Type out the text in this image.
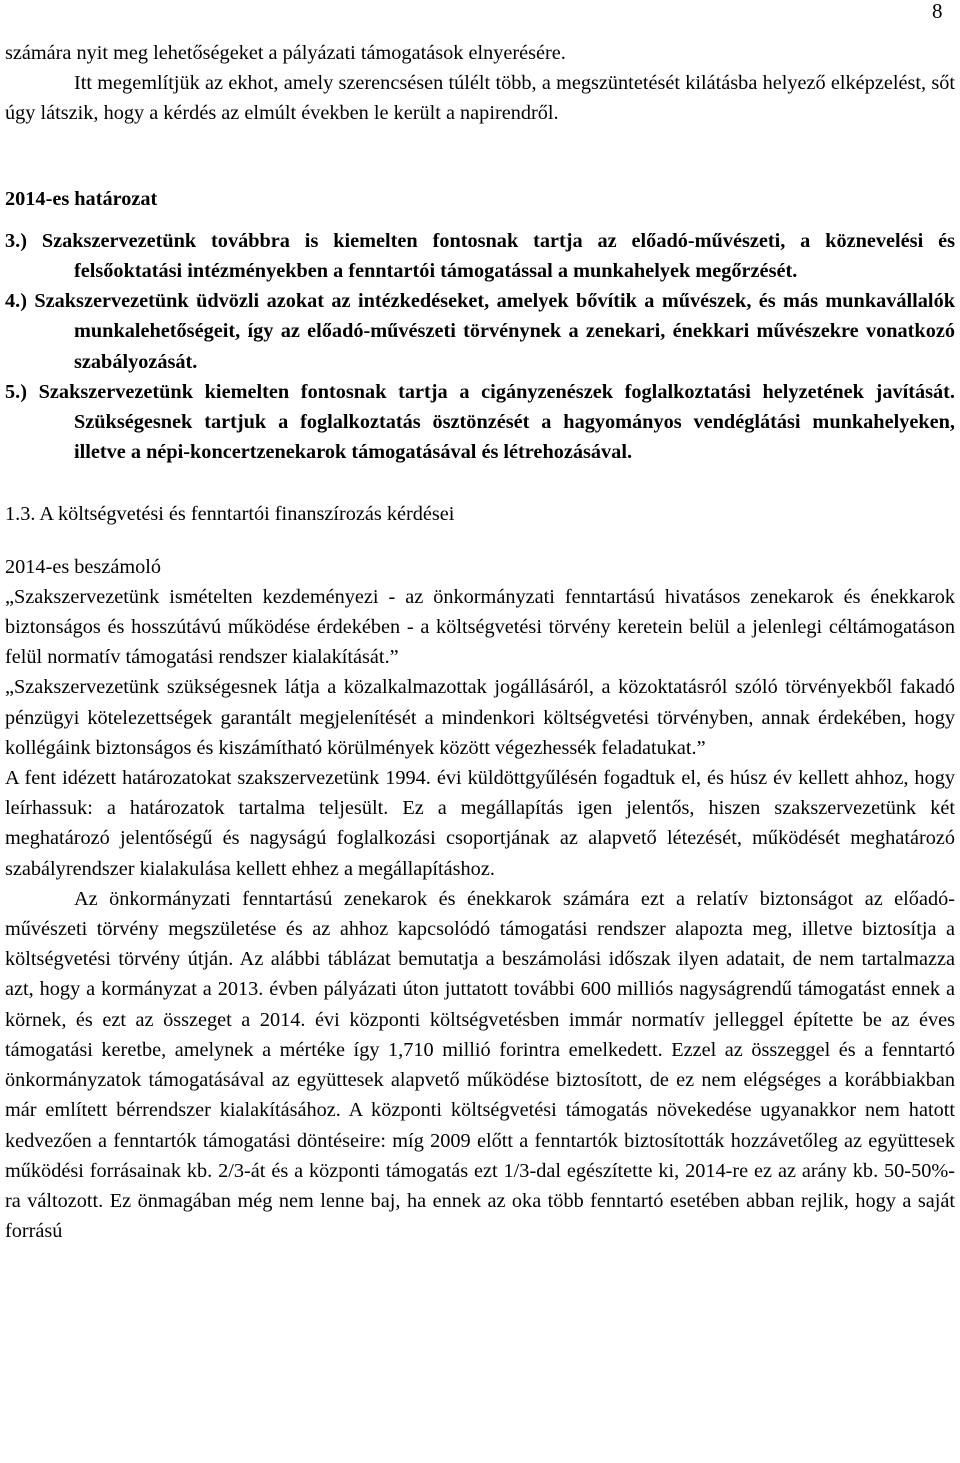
8

számára nyit meg lehetőségeket a pályázati támogatások elnyerésére.

Itt megemlítjük az ekhot, amely szerencsésen túlélt több, a megszüntetését kilátásba helyező elképzelést, sőt úgy látszik, hogy a kérdés az elmúlt években le került a napirendről.

2014-es határozat

3.) Szakszervezetünk továbbra is kiemelten fontosnak tartja az előadó-művészeti, a köznevelési és felsőoktatási intézményekben a fenntartói támogatással a munkahelyek megőrzését.

4.) Szakszervezetünk üdvözli azokat az intézkedéseket, amelyek bővítik a művészek, és más munkavállalók munkalehetőségeit, így az előadó-művészeti törvénynek a zenekari, énekkari művészekre vonatkozó szabályozását.

5.) Szakszervezetünk kiemelten fontosnak tartja a cigányzenészek foglalkoztatási helyzetének javítását. Szükségesnek tartjuk a foglalkoztatás ösztönzését a hagyományos vendéglátási munkahelyeken, illetve a népi-koncertzenekarok támogatásával és létrehozásával.

1.3. A költségvetési és fenntartói finanszírozás kérdései

2014-es beszámoló

„Szakszervezetünk ismételten kezdeményezi - az önkormányzati fenntartású hivatásos zenekarok és énekkarok biztonságos és hosszútávú működése érdekében - a költségvetési törvény keretein belül a jelenlegi céltámogatáson felül normatív támogatási rendszer kialakítását.”

„Szakszervezetünk szükségesnek látja a közalkalmazottak jogállásáról, a közoktatásról szóló törvényekből fakadó pénzügyi kötelezettségek garantált megjelenítését a mindenkori költségvetési törvényben, annak érdekében, hogy kollégáink biztonságos és kiszámítható körülmények között végezhessék feladatukat.”

A fent idézett határozatokat szakszervezetünk 1994. évi küldöttgyűlésén fogadtuk el, és húsz év kellett ahhoz, hogy leírhassuk: a határozatok tartalma teljesült. Ez a megállapítás igen jelentős, hiszen szakszervezetünk két meghatározó jelentőségű és nagyságú foglalkozási csoportjának az alapvető létezését, működését meghatározó szabályrendszer kialakulása kellett ehhez a megállapításhoz.

Az önkormányzati fenntartású zenekarok és énekkarok számára ezt a relatív biztonságot az előadó-művészeti törvény megszületése és az ahhoz kapcsolódó támogatási rendszer alapozta meg, illetve biztosítja a költségvetési törvény útján. Az alábbi táblázat bemutatja a beszámolási időszak ilyen adatait, de nem tartalmazza azt, hogy a kormányzat a 2013. évben pályázati úton juttatott további 600 milliós nagyságrendű támogatást ennek a körnek, és ezt az összeget a 2014. évi központi költségvetésben immár normatív jelleggel építette be az éves támogatási keretbe, amelynek a mértéke így 1,710 millió forintra emelkedett. Ezzel az összeggel és a fenntartó önkormányzatok támogatásával az együttesek alapvető működése biztosított, de ez nem elégséges a korábbiakban már említett bérrendszer kialakításához. A központi költségvetési támogatás növekedése ugyanakkor nem hatott kedvezően a fenntartók támogatási döntéseire: míg 2009 előtt a fenntartók biztosították hozzávetőleg az együttesek működési forrásainak kb. 2/3-át és a központi támogatás ezt 1/3-dal egészítette ki, 2014-re ez az arány kb. 50-50%-ra változott. Ez önmagában még nem lenne baj, ha ennek az oka több fenntartó esetében abban rejlik, hogy a saját forrású
